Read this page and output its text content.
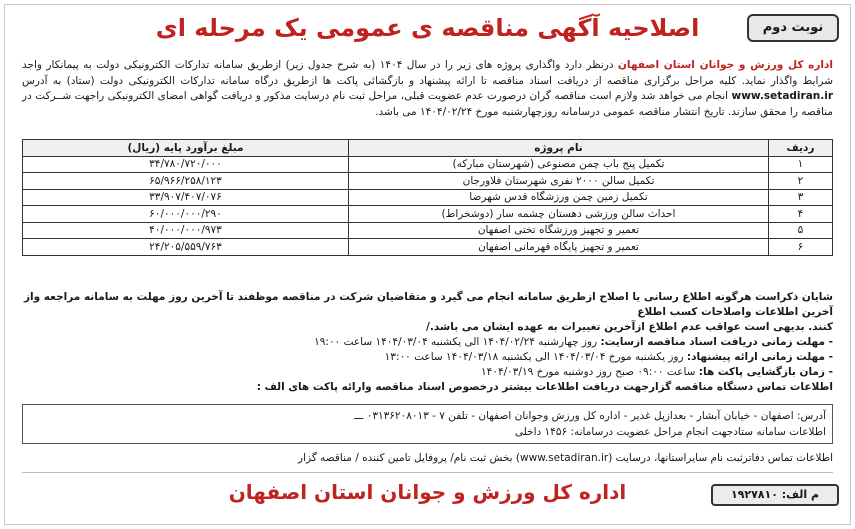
اصلاحیه آگهی مناقصه ی عمومی یک مرحله ای	نوبت دوم
اداره کل ورزش و جوانان استان اصفهان درنظر دارد واگذاری پروژه های زیر را در سال ۱۴۰۴ (به شرح جدول زیر) ازطریق سامانه تدارکات الکترونیکی دولت به پیمانکار واجد شرایط واگذار نماید. کلیه مراحل برگزاری مناقصه از دریافت اسناد مناقصه تا ارائه پیشنهاد و بازگشائی پاکت ها ازطریق درگاه سامانه تدارکات الکترونیکی دولت (ستاد) به آدرس www.setadiran.ir انجام می خواهد شد ولازم است مناقصه گران درصورت عدم عضویت قبلی، مراحل ثبت نام درسایت مذکور و دریافت گواهی امضای الکترونیکی راجهت شــرکت در مناقصه را محقق سازند. تاریخ انتشار مناقصه عمومی درسامانه روزچهارشنبه مورخ ۱۴۰۴/۰۲/۲۴ می باشد.
ردیف	نام پروژه	مبلغ برآورد پایه (ریال)
۱	تکمیل پنج باب چمن مصنوعی (شهرستان مبارکه)	۳۴/۷۸۰/۷۲۰/۰۰۰
۲	تکمیل سالن ۲۰۰۰ نفری شهرستان فلاورجان	۶۵/۹۶۶/۲۵۸/۱۲۳
۳	تکمیل زمین چمن ورزشگاه قدس شهرضا	۳۳/۹۰۷/۴۰۷/۰۷۶
۴	احداث سالن ورزشی دهستان چشمه سار (دوشخراط)	۶۰/۰۰۰/۰۰۰/۲۹۰
۵	تعمیر و تجهیز ورزشگاه تختی اصفهان	۴۰/۰۰۰/۰۰۰/۹۷۳
۶	تعمیر و تجهیز پایگاه قهرمانی اصفهان	۲۴/۲۰۵/۵۵۹/۷۶۳

شایان ذکراست هرگونه اطلاع رسانی یا اصلاح ازطریق سامانه انجام می گیرد و متقاضیان شرکت در مناقصه موظفند تا آخرین روز مهلت به سامانه مراجعه واز آخرین اطلاعات واصلاحات کسب اطلاع

کنند. بدیهی است عواقب عدم اطلاع ازآخرین تغییرات به عهده ایشان می باشد./

- مهلت زمانی دریافت اسناد مناقصه ازسایت: روز چهارشنبه ۱۴۰۴/۰۲/۲۴ الی یکشنبه ۱۴۰۴/۰۳/۰۴ ساعت ۱۹:۰۰

- مهلت زمانی ارائه پیشنهاد: روز یکشنبه مورخ ۱۴۰۴/۰۳/۰۴ الی یکشنبه ۱۴۰۴/۰۳/۱۸ ساعت ۱۳:۰۰

- زمان بازگشایی پاکت ها: ساعت ۰۹:۰۰ صبح روز دوشنبه مورخ ۱۴۰۴/۰۳/۱۹

اطلاعات تماس دستگاه مناقصه گزارجهت دریافت اطلاعات بیشتر درخصوص اسناد مناقصه وارائه پاکت های الف :

آدرس: اصفهان - خیابان آبشار - بعدازپل غدیر - اداره کل ورزش وجوانان اصفهان - تلفن ۷ - ۰۳۱۳۶۲۰۸۰۱۳ ـــ
اطلاعات سامانه ستادجهت انجام مراحل عضویت درسامانه: ۱۴۵۶ داخلی
اطلاعات تماس دفاترثبت نام سایراستانها، درسایت (www.setadiran.ir) بخش ثبت نام/ پروفایل تامین کننده / مناقصه گزار
اداره کل ورزش و جوانان استان اصفهان	م الف: ۱۹۲۷۸۱۰
